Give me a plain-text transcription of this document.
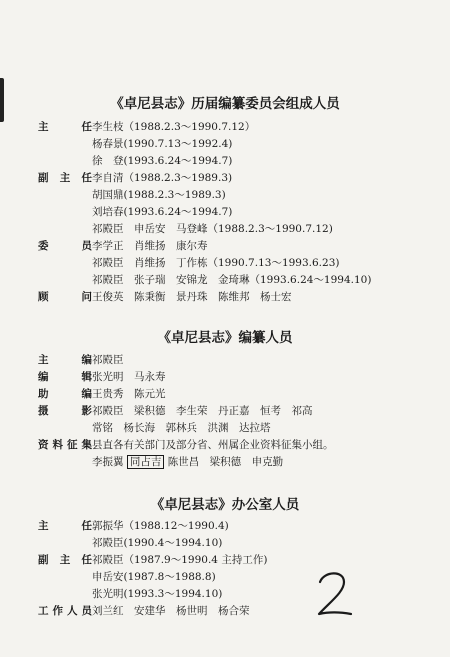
《卓尼县志》历届编纂委员会组成人员
主　任 李生枝（1988.2.3～1990.7.12）
杨春景(1990.7.13～1992.4)
徐　登(1993.6.24～1994.7)
副主任 李自清（1988.2.3～1989.3)
胡国鼎(1988.2.3～1989.3)
刘培春(1993.6.24～1994.7)
祁殿臣　申岳安　马登峰（1988.2.3～1990.7.12)
委　员 李学正　肖维扬　康尔寿
祁殿臣　肖维扬　丁作栋（1990.7.13～1993.6.23)
祁殿臣　张子瑞　安锦龙　金琦琳（1993.6.24～1994.10)
顾　问 王俊英　陈秉衡　景丹珠　陈维邦　杨士宏
《卓尼县志》编纂人员
主　编 祁殿臣
编　辑 张光明　马永寿
助　编 王贵秀　陈元光
摄　影 祁殿臣　梁积德　李生荣　丹正嘉　恒考　祁高
常铭　杨长海　郭林兵　洪渊　达拉塔
资料征集 县直各有关部门及部分省、州属企业资料征集小组。
李振翼 同占吉 陈世昌　梁积德　申克勤
《卓尼县志》办公室人员
主　任 郭振华（1988.12～1990.4)
祁殿臣(1990.4～1994.10)
副主任 祁殿臣（1987.9～1990.4 主持工作)
申岳安(1987.8～1988.8)
张光明(1993.3～1994.10)
工作人员 刘兰红　安建华　杨世明　杨合荣
